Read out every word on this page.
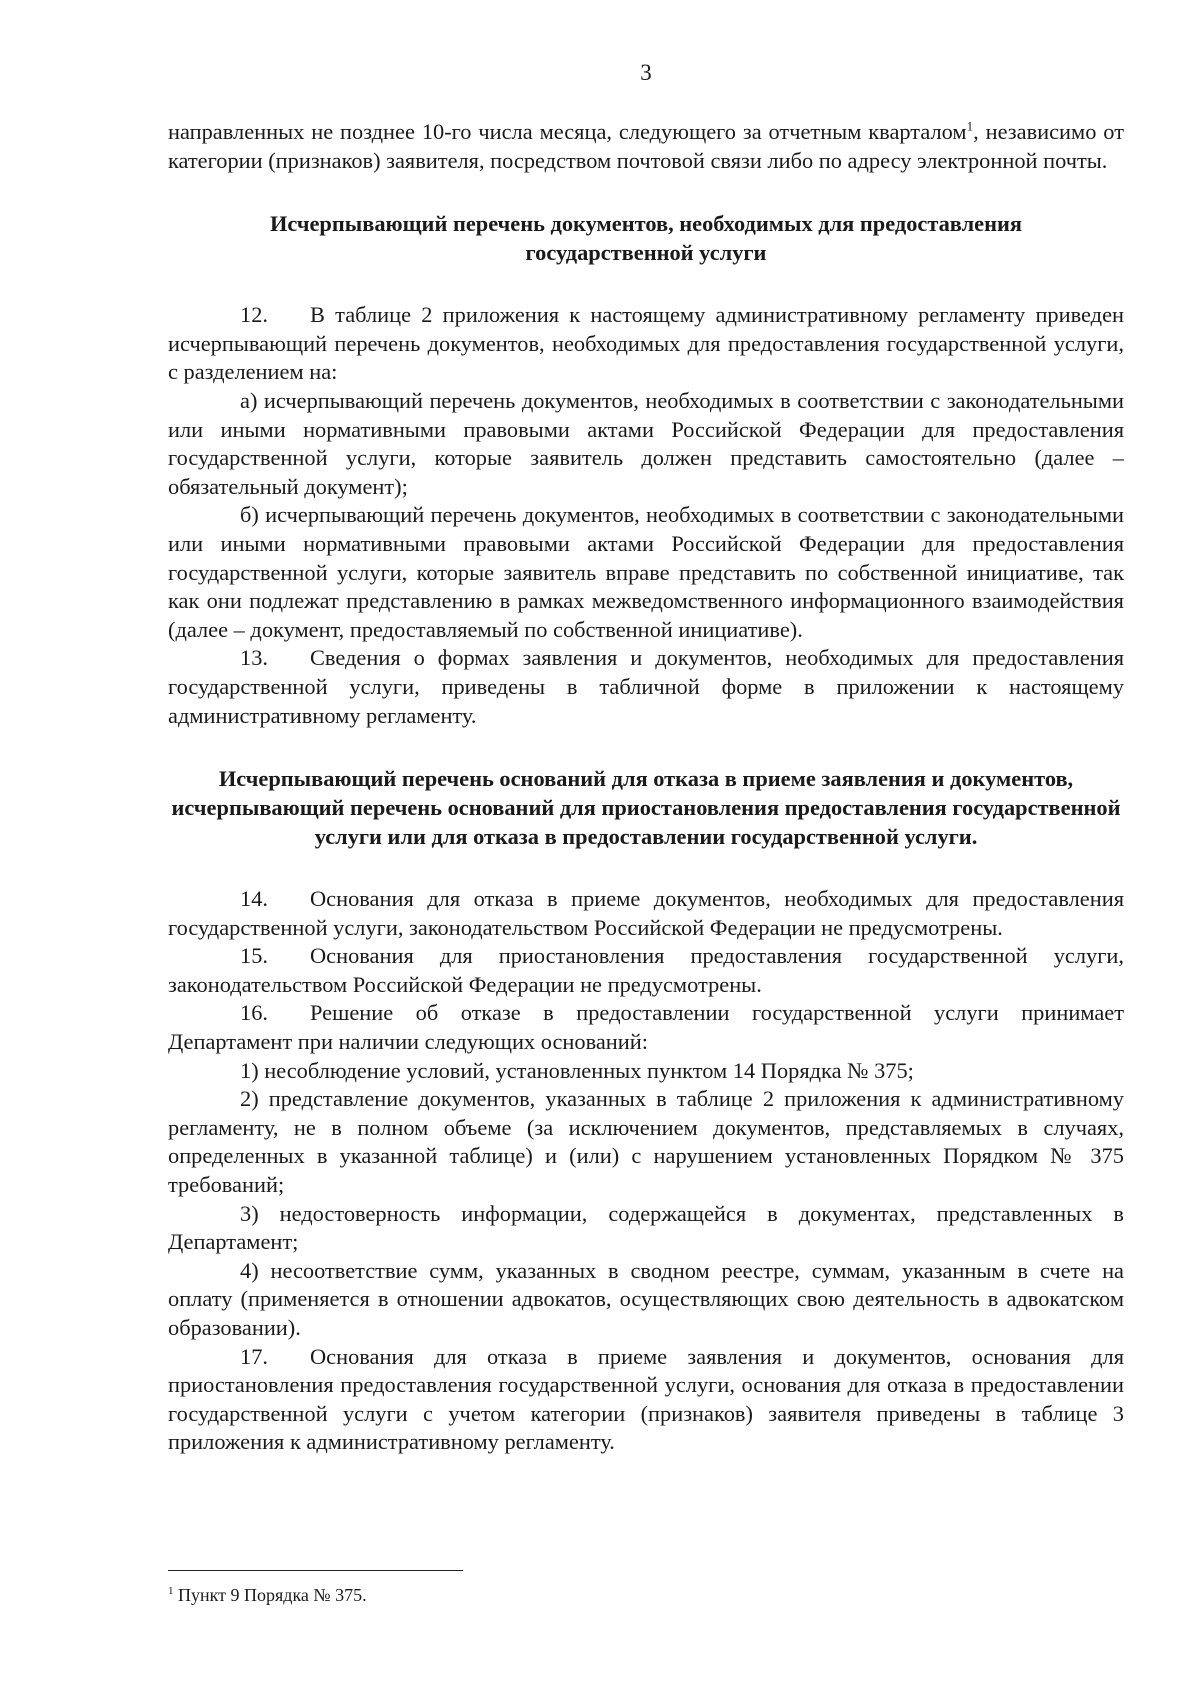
3

направленных не позднее 10-го числа месяца, следующего за отчетным кварталом$^1$, независимо от категории (признаков) заявителя, посредством почтовой связи либо по адресу электронной почты.

Исчерпывающий перечень документов, необходимых для предоставления государственной услуги

12. В таблице 2 приложения к настоящему административному регламенту приведен исчерпывающий перечень документов, необходимых для предоставления государственной услуги, с разделением на:

а) исчерпывающий перечень документов, необходимых в соответствии с законодательными или иными нормативными правовыми актами Российской Федерации для предоставления государственной услуги, которые заявитель должен представить самостоятельно (далее – обязательный документ);

б) исчерпывающий перечень документов, необходимых в соответствии с законодательными или иными нормативными правовыми актами Российской Федерации для предоставления государственной услуги, которые заявитель вправе представить по собственной инициативе, так как они подлежат представлению в рамках межведомственного информационного взаимодействия (далее – документ, предоставляемый по собственной инициативе).

13. Сведения о формах заявления и документов, необходимых для предоставления государственной услуги, приведены в табличной форме в приложении к настоящему административному регламенту.

Исчерпывающий перечень оснований для отказа в приеме заявления и документов, исчерпывающий перечень оснований для приостановления предоставления государственной услуги или для отказа в предоставлении государственной услуги.

14. Основания для отказа в приеме документов, необходимых для предоставления государственной услуги, законодательством Российской Федерации не предусмотрены.

15. Основания для приостановления предоставления государственной услуги, законодательством Российской Федерации не предусмотрены.

16. Решение об отказе в предоставлении государственной услуги принимает Департамент при наличии следующих оснований:

1) несоблюдение условий, установленных пунктом 14 Порядка № 375;

2) представление документов, указанных в таблице 2 приложения к административному регламенту, не в полном объеме (за исключением документов, представляемых в случаях, определенных в указанной таблице) и (или) с нарушением установленных Порядком № 375 требований;

3) недостоверность информации, содержащейся в документах, представленных в Департамент;

4) несоответствие сумм, указанных в сводном реестре, суммам, указанным в счете на оплату (применяется в отношении адвокатов, осуществляющих свою деятельность в адвокатском образовании).

17. Основания для отказа в приеме заявления и документов, основания для приостановления предоставления государственной услуги, основания для отказа в предоставлении государственной услуги с учетом категории (признаков) заявителя приведены в таблице 3 приложения к административному регламенту.

$^1$ Пункт 9 Порядка № 375.
